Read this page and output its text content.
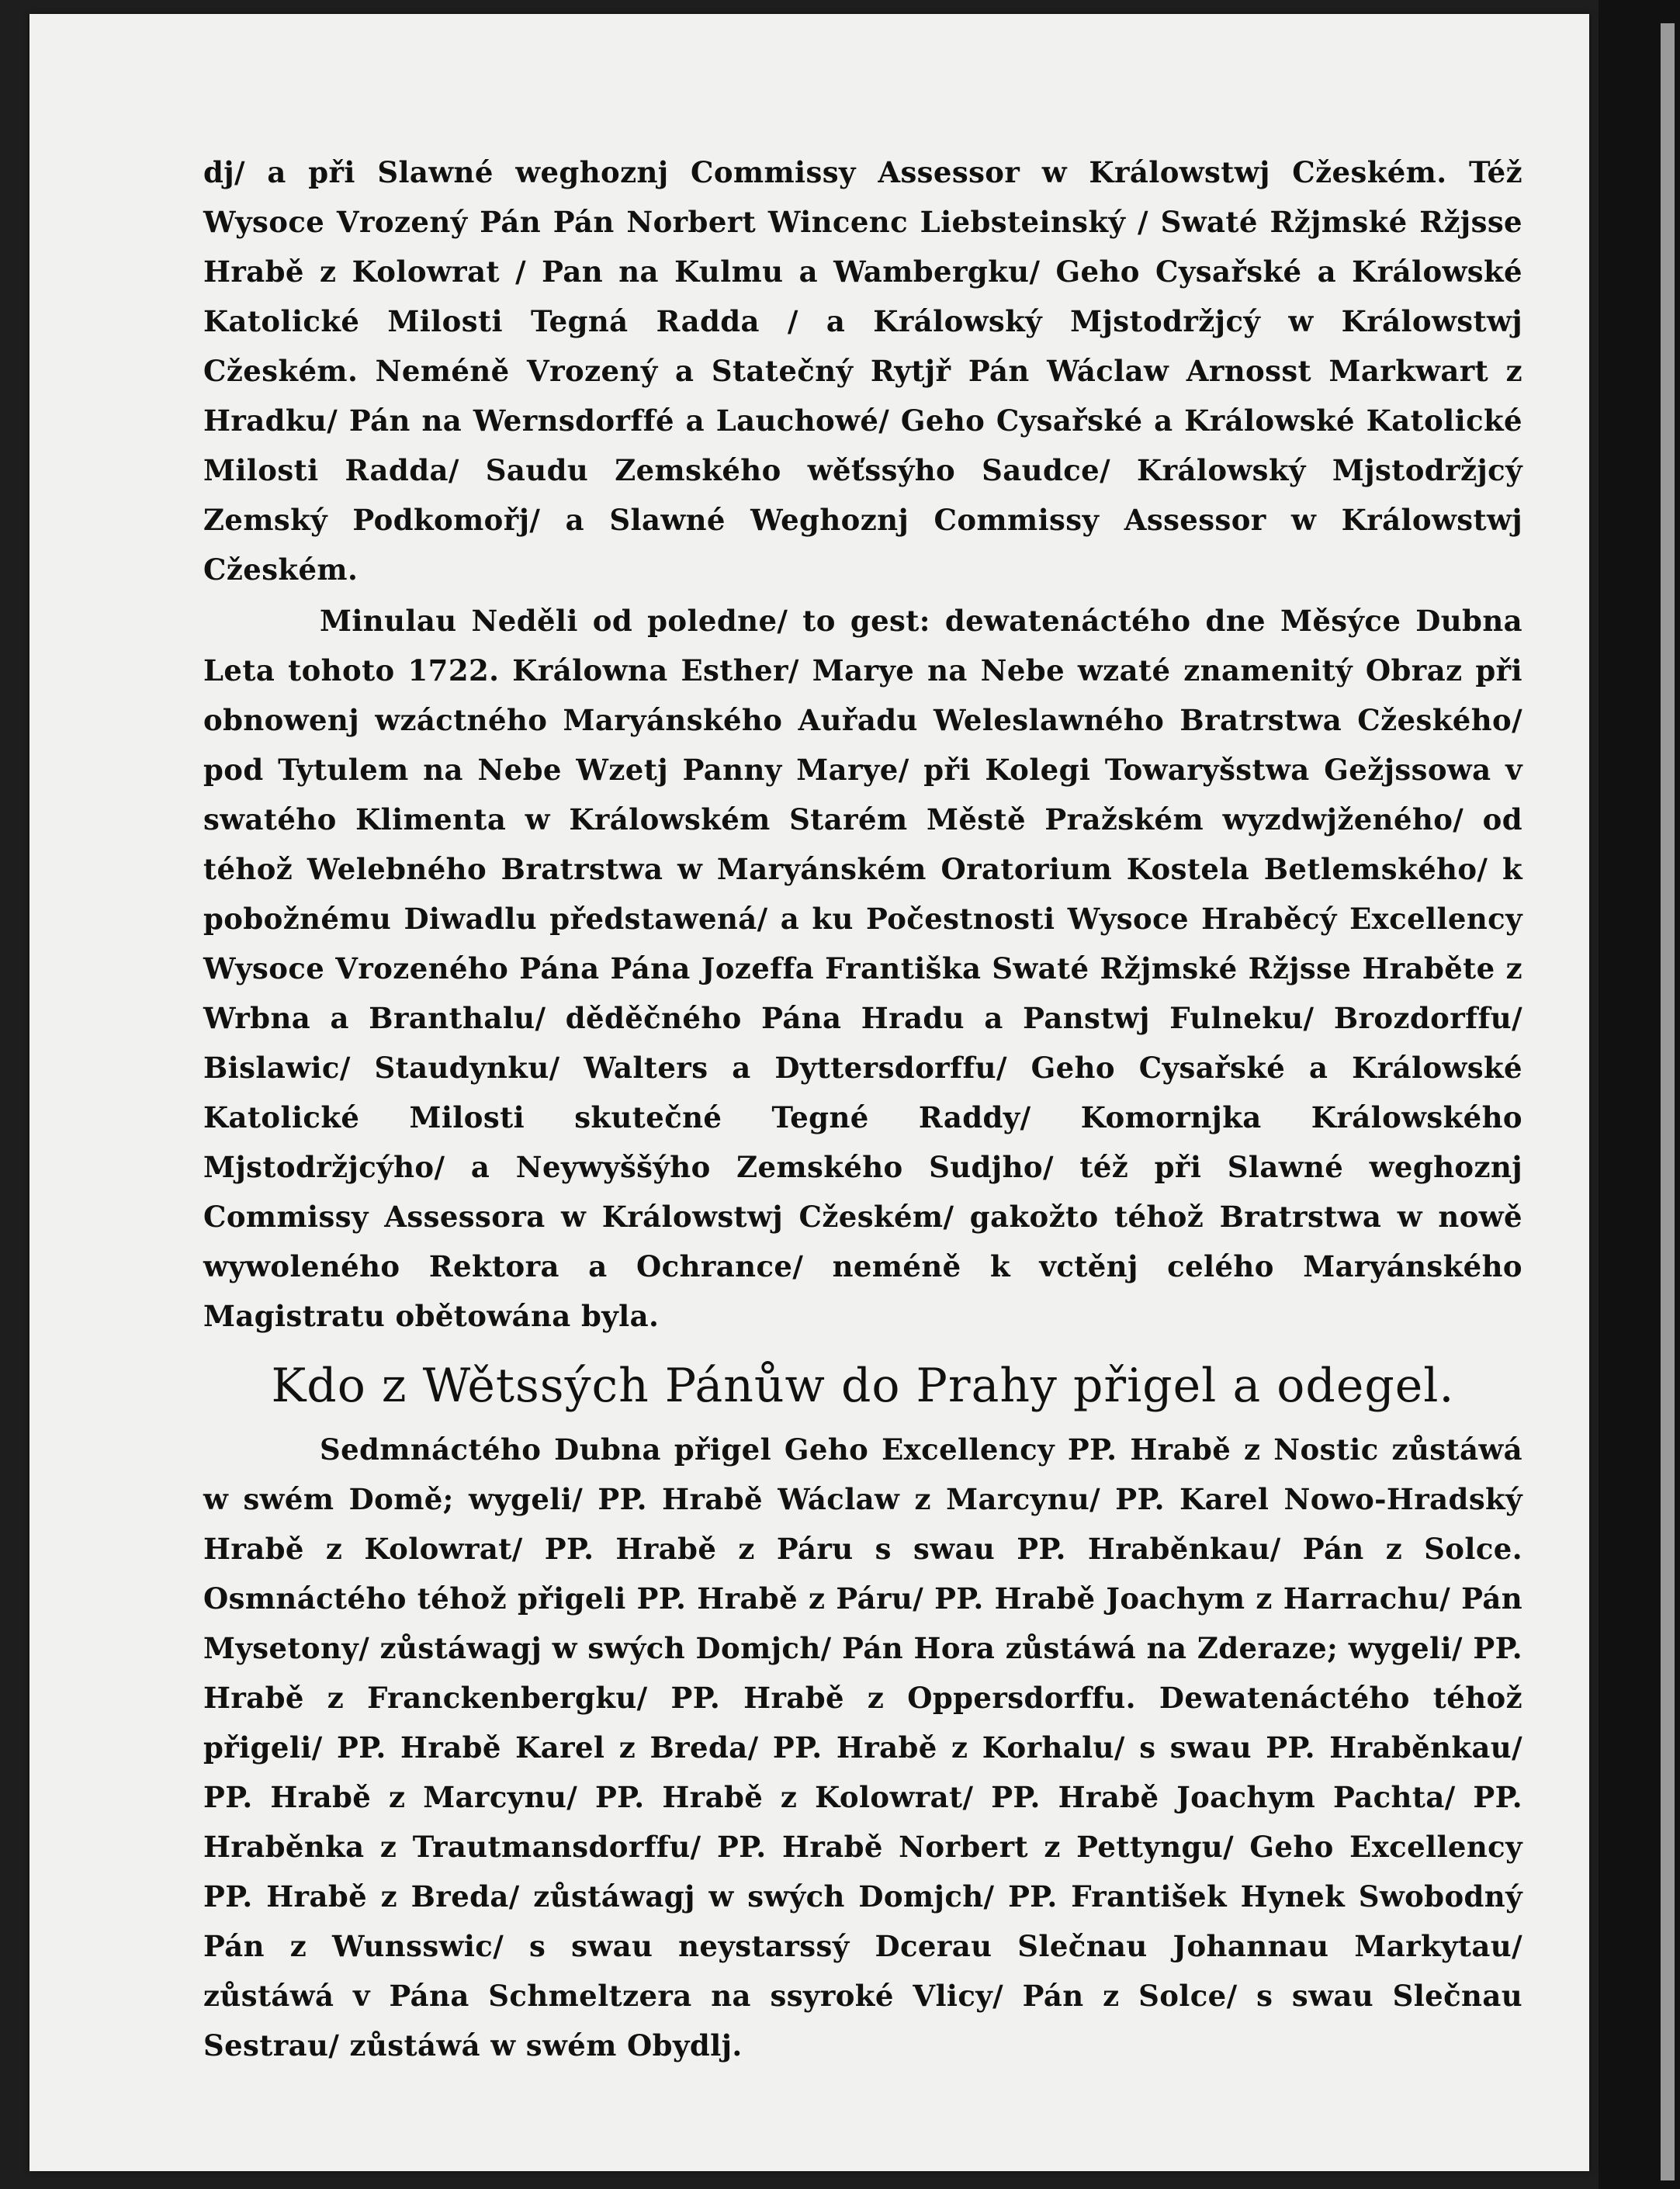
dj/ a při Slawné weghoznj Commissy Assessor w Králowstwj Cžeském. Též Wysoce Vrozený Pán Pán Norbert Wincenc Liebsteinský / Swaté Ržjmské Ržjsse Hrabě z Kolowrat / Pan na Kulmu a Wambergku/ Geho Cysařské a Králowské Katolické Milosti Tegná Radda / a Králowský Mjstodržjcý w Králowstwj Cžeském. Neméně Vrozený a Statečný Rytjř Pán Wáclaw Arnosst Markwart z Hradku/ Pán na Wernsdorffé a Lauchowé/ Geho Cysařské a Králowské Katolické Milosti Radda/ Saudu Zemského wěťssýho Saudce/ Králowský Mjstodržjcý Zemský Podkomořj/ a Slawné Weghoznj Commissy Assessor w Králowstwj Cžeském.

Minulau Neděli od poledne/ to gest: dewatenáctého dne Měsýce Dubna Leta tohoto 1722. Králowna Esther/ Marye na Nebe wzaté znamenitý Obraz při obnowenj wzáctného Maryánského Auřadu Weleslawného Bratrstwa Cžeského/ pod Tytulem na Nebe Wzetj Panny Marye/ při Kolegi Towaryšstwa Gežjssowa v swatého Klimenta w Králowském Starém Městě Pražském wyzdwjženého/ od téhož Welebného Bratrstwa w Maryánském Oratorium Kostela Betlemského/ k pobožnému Diwadlu předstawená/ a ku Počestnosti Wysoce Hraběcý Excellency Wysoce Vrozeného Pána Pána Jozeffa Františka Swaté Ržjmské Ržjsse Hraběte z Wrbna a Branthalu/ děděčného Pána Hradu a Panstwj Fulneku/ Brozdorffu/ Bislawic/ Staudynku/ Walters a Dyttersdorffu/ Geho Cysařské a Králowské Katolické Milosti skutečné Tegné Raddy/ Komornjka Králowského Mjstodržjcýho/ a Neywyššýho Zemského Sudjho/ též při Slawné weghoznj Commissy Assessora w Králowstwj Cžeském/ gakožto téhož Bratrstwa w nowě wywoleného Rektora a Ochrance/ neméně k vctěnj celého Maryánského Magistratu obětowána byla.

Kdo z Wětssých Pánůw do Prahy přigel a odegel.

Sedmnáctého Dubna přigel Geho Excellency PP. Hrabě z Nostic zůstáwá w swém Domě; wygeli/ PP. Hrabě Wáclaw z Marcynu/ PP. Karel Nowo-Hradský Hrabě z Kolowrat/ PP. Hrabě z Páru s swau PP. Hraběnkau/ Pán z Solce. Osmnáctého téhož přigeli PP. Hrabě z Páru/ PP. Hrabě Joachym z Harrachu/ Pán Mysetony/ zůstáwagj w swých Domjch/ Pán Hora zůstáwá na Zderaze; wygeli/ PP. Hrabě z Franckenbergku/ PP. Hrabě z Oppersdorffu. Dewatenáctého téhož přigeli/ PP. Hrabě Karel z Breda/ PP. Hrabě z Korhalu/ s swau PP. Hraběnkau/ PP. Hrabě z Marcynu/ PP. Hrabě z Kolowrat/ PP. Hrabě Joachym Pachta/ PP. Hraběnka z Trautmansdorffu/ PP. Hrabě Norbert z Pettyngu/ Geho Excellency PP. Hrabě z Breda/ zůstáwagj w swých Domjch/ PP. František Hynek Swobodný Pán z Wunsswic/ s swau neystarssý Dcerau Slečnau Johannau Markytau/ zůstáwá v Pána Schmeltzera na ssyroké Vlicy/ Pán z Solce/ s swau Slečnau Sestrau/ zůstáwá w swém Obydlj.
